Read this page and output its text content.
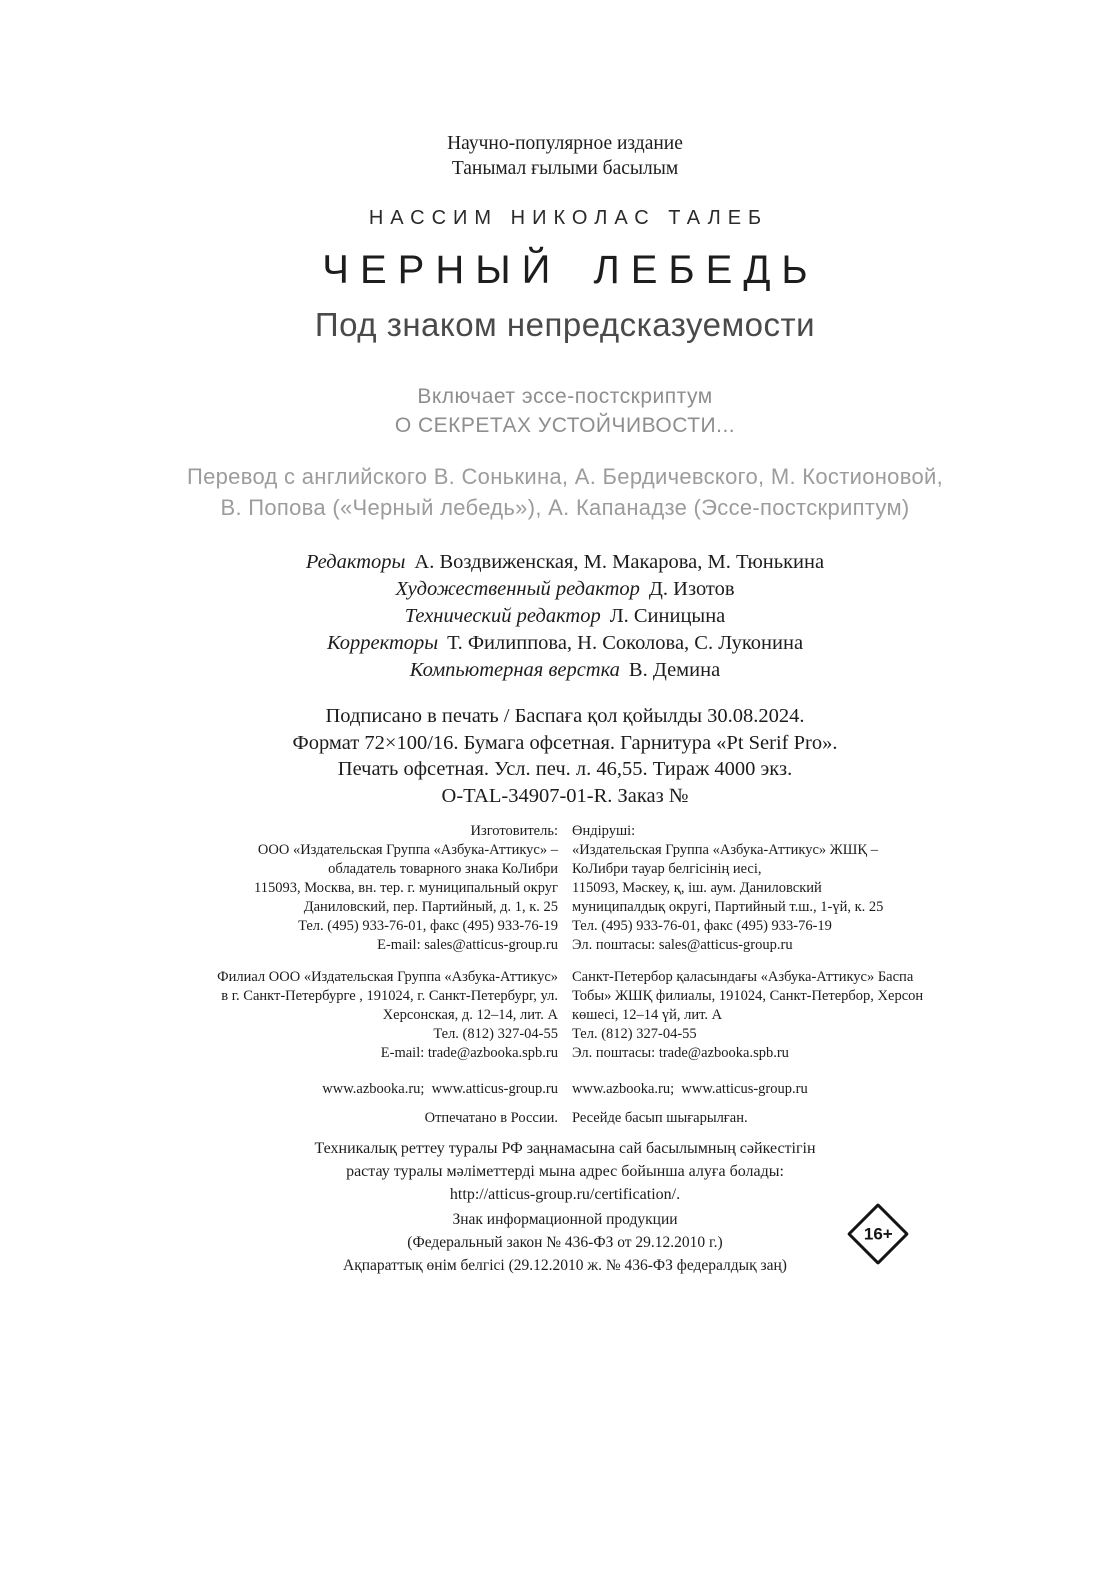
Научно-популярное издание
Танымал ғылыми басылым
НАССИМ НИКОЛАС ТАЛЕБ
ЧЕРНЫЙ ЛЕБЕДЬ
Под знаком непредсказуемости
Включает эссе-постскриптум
О СЕКРЕТАХ УСТОЙЧИВОСТИ...
Перевод с английского В. Сонькина, А. Бердичевского, М. Костионовой,
В. Попова («Черный лебедь»), А. Капанадзе (Эссе-постскриптум)
Редакторы А. Воздвиженская, М. Макарова, М. Тюнькина
Художественный редактор Д. Изотов
Технический редактор Л. Синицына
Корректоры Т. Филиппова, Н. Соколова, С. Луконина
Компьютерная верстка В. Демина
Подписано в печать / Баспаға қол қойылды 30.08.2024.
Формат 72×100/16. Бумага офсетная. Гарнитура «Pt Serif Pro».
Печать офсетная. Усл. печ. л. 46,55. Тираж 4000 экз.
O-TAL-34907-01-R. Заказ №
Изготовитель:
ООО «Издательская Группа «Азбука-Аттикус» –
обладатель товарного знака КоЛибри
115093, Москва, вн. тер. г. муниципальный округ
Даниловский, пер. Партийный, д. 1, к. 25
Тел. (495) 933-76-01, факс (495) 933-76-19
E-mail: sales@atticus-group.ru
Филиал ООО «Издательская Группа «Азбука-Аттикус»
в г. Санкт-Петербурге , 191024, г. Санкт-Петербург, ул.
Херсонская, д. 12–14, лит. А
Тел. (812) 327-04-55
E-mail: trade@azbooka.spb.ru
www.azbooka.ru;  www.atticus-group.ru
Отпечатано в России.
Өндіруші:
«Издательская Группа «Азбука-Аттикус» ЖШҚ –
КоЛибри тауар белгісінің иесі,
115093, Мәскеу, қ, іш. аум. Даниловский
муниципалдық округі, Партийный т.ш., 1-үй, к. 25
Тел. (495) 933-76-01, факс (495) 933-76-19
Эл. поштасы: sales@atticus-group.ru
Санкт-Петербор қаласындағы «Азбука-Аттикус» Баспа
Тобы» ЖШҚ филиалы, 191024, Санкт-Петербор, Херсон
көшесі, 12–14 үй, лит. А
Тел. (812) 327-04-55
Эл. поштасы: trade@azbooka.spb.ru
www.azbooka.ru;  www.atticus-group.ru
Ресейде басып шығарылған.
Техникалық реттеу туралы РФ заңнамасына сай басылымның сәйкестігін
растау туралы мәліметтерді мына адрес бойынша алуға болады:
http://atticus-group.ru/certification/.
Знак информационной продукции
(Федеральный закон № 436-ФЗ от 29.12.2010 г.)
Ақпараттық өнім белгісі (29.12.2010 ж. № 436-ФЗ федералдық заң)
16+
